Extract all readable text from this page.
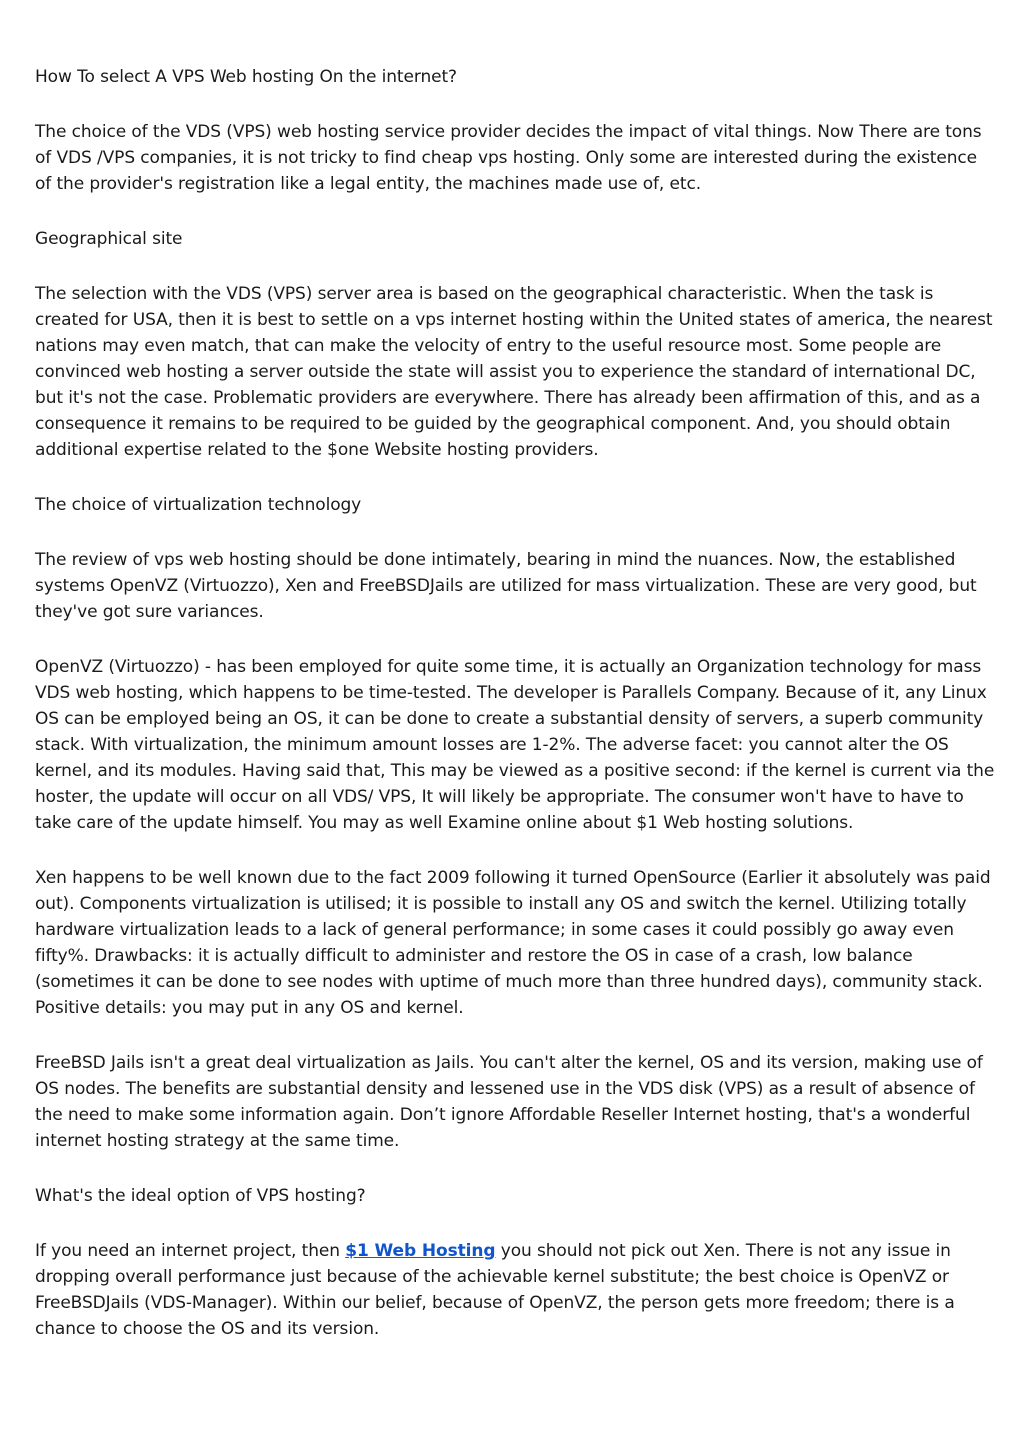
How To select A VPS Web hosting On the internet?

The choice of the VDS (VPS) web hosting service provider decides the impact of vital things. Now There are tons of VDS /VPS companies, it is not tricky to find cheap vps hosting. Only some are interested during the existence of the provider's registration like a legal entity, the machines made use of, etc.

Geographical site

The selection with the VDS (VPS) server area is based on the geographical characteristic. When the task is created for USA, then it is best to settle on a vps internet hosting within the United states of america, the nearest nations may even match, that can make the velocity of entry to the useful resource most. Some people are convinced web hosting a server outside the state will assist you to experience the standard of international DC, but it's not the case. Problematic providers are everywhere. There has already been affirmation of this, and as a consequence it remains to be required to be guided by the geographical component. And, you should obtain additional expertise related to the $one Website hosting providers.

The choice of virtualization technology

The review of vps web hosting should be done intimately, bearing in mind the nuances. Now, the established systems OpenVZ (Virtuozzo), Xen and FreeBSDJails are utilized for mass virtualization. These are very good, but they've got sure variances.

OpenVZ (Virtuozzo) - has been employed for quite some time, it is actually an Organization technology for mass VDS web hosting, which happens to be time-tested. The developer is Parallels Company. Because of it, any Linux OS can be employed being an OS, it can be done to create a substantial density of servers, a superb community stack. With virtualization, the minimum amount losses are 1-2%. The adverse facet: you cannot alter the OS kernel, and its modules. Having said that, This may be viewed as a positive second: if the kernel is current via the hoster, the update will occur on all VDS/ VPS, It will likely be appropriate. The consumer won't have to have to take care of the update himself. You may as well Examine online about $1 Web hosting solutions.

Xen happens to be well known due to the fact 2009 following it turned OpenSource (Earlier it absolutely was paid out). Components virtualization is utilised; it is possible to install any OS and switch the kernel. Utilizing totally hardware virtualization leads to a lack of general performance; in some cases it could possibly go away even fifty%. Drawbacks: it is actually difficult to administer and restore the OS in case of a crash, low balance (sometimes it can be done to see nodes with uptime of much more than three hundred days), community stack. Positive details: you may put in any OS and kernel.

FreeBSD Jails isn't a great deal virtualization as Jails. You can't alter the kernel, OS and its version, making use of OS nodes. The benefits are substantial density and lessened use in the VDS disk (VPS) as a result of absence of the need to make some information again. Don’t ignore Affordable Reseller Internet hosting, that's a wonderful internet hosting strategy at the same time.

What's the ideal option of VPS hosting?

If you need an internet project, then $1 Web Hosting you should not pick out Xen. There is not any issue in dropping overall performance just because of the achievable kernel substitute; the best choice is OpenVZ or FreeBSDJails (VDS-Manager). Within our belief, because of OpenVZ, the person gets more freedom; there is a chance to choose the OS and its version.
